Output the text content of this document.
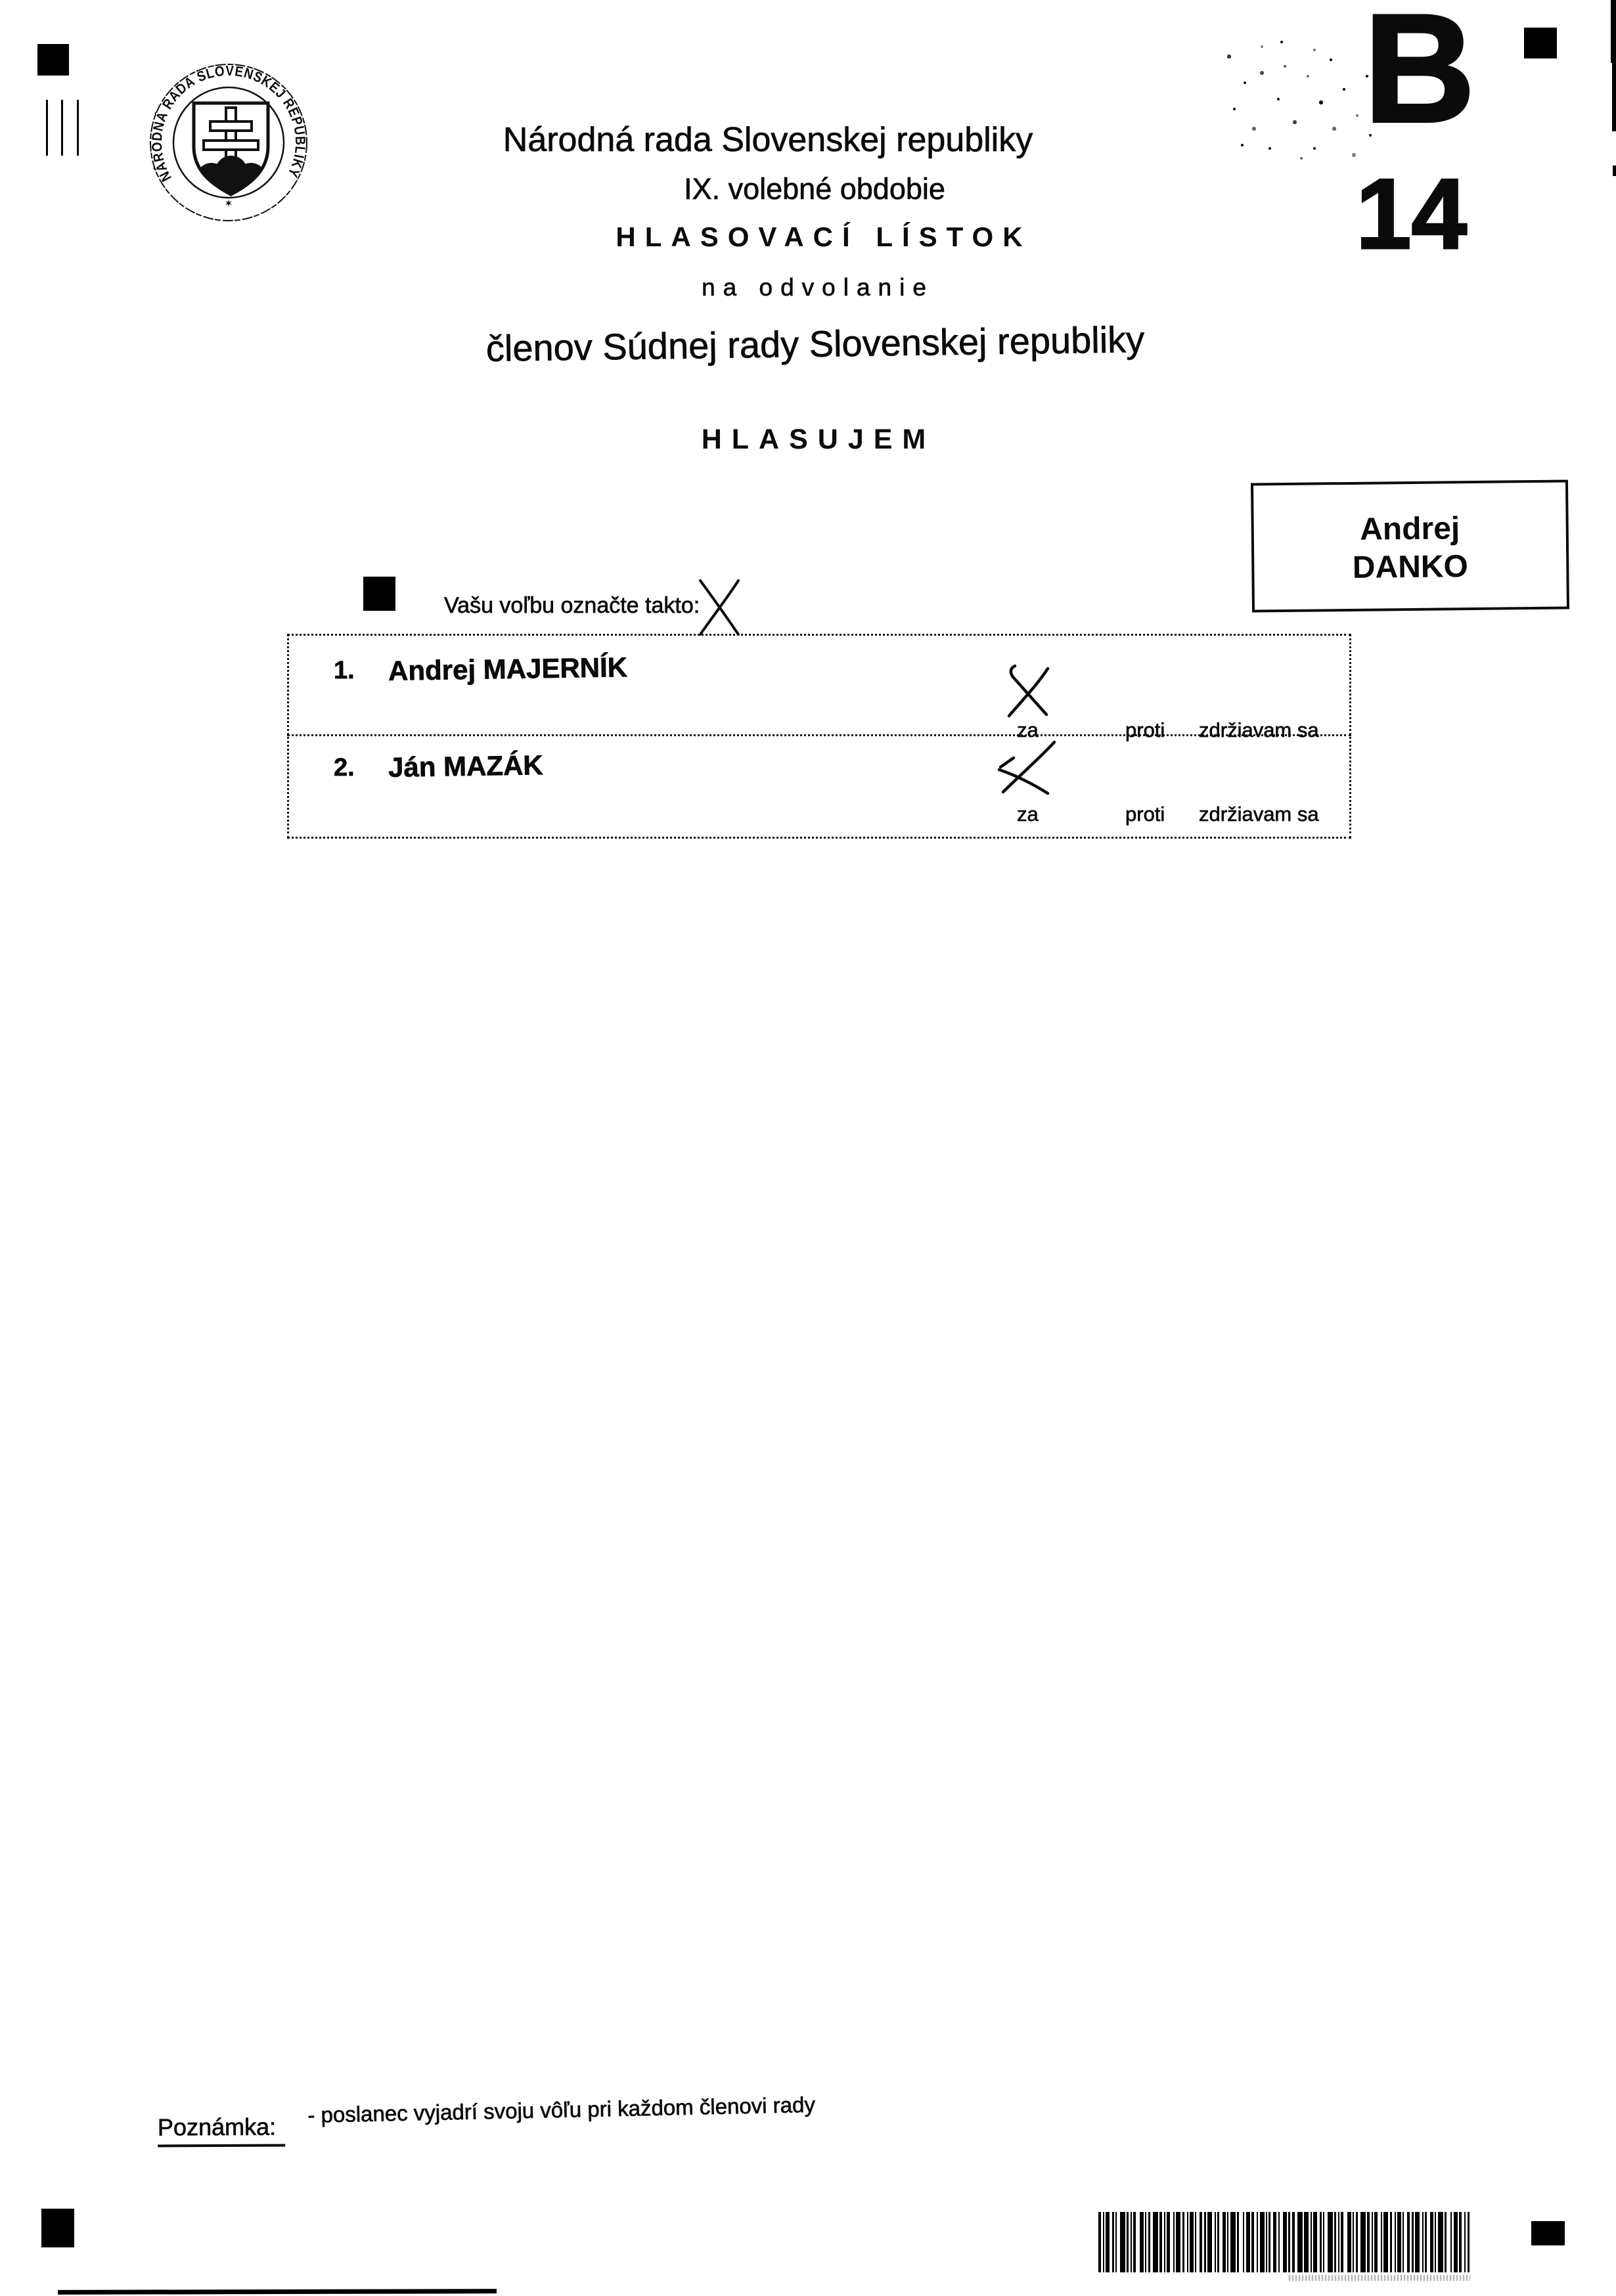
NÁRODNÁ RADA SLOVENSKEJ REPUBLIKY
✶
Národná rada Slovenskej republiky
IX. volebné obdobie
HLASOVACÍ LÍSTOK
na odvolanie
členov Súdnej rady Slovenskej republiky
HLASUJEM
B
14
Andrej
DANKO
Vašu voľbu označte takto:
1. Andrej MAJERNÍK
za	proti zdržiavam sa
2. Ján MAZÁK
za	proti zdržiavam sa
Poznámka:	- poslanec vyjadrí svoju vôľu pri každom členovi rady
